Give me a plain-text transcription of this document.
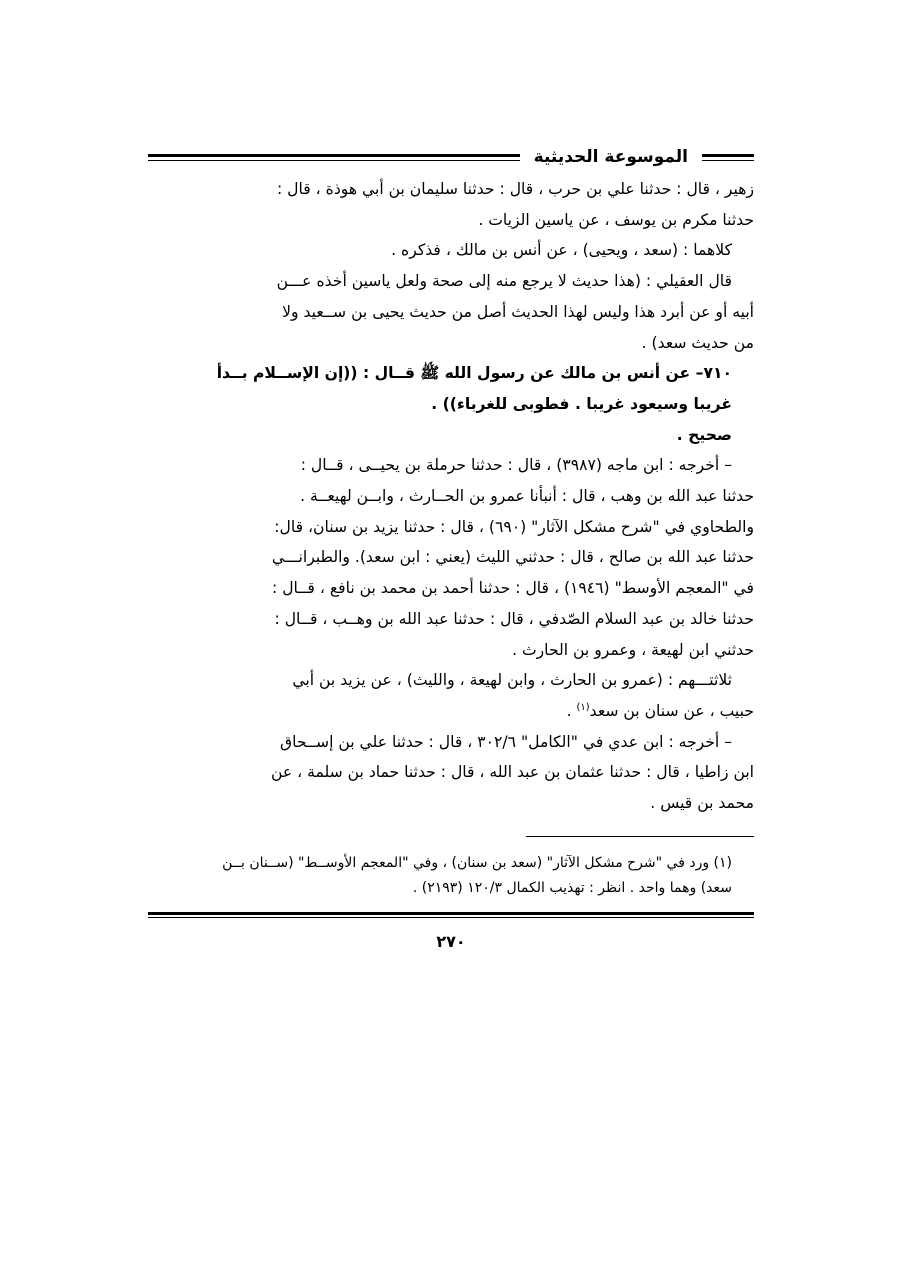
الموسوعة الحديثية

زهير ، قال : حدثنا علي بن حرب ، قال : حدثنا سليمان بن أبي هوذة ، قال :

حدثنا مكرم بن يوسف ، عن ياسين الزيات .

كلاهما : (سعد ، ويحيى) ، عن أنس بن مالك ، فذكره .

قال العقيلي : (هذا حديث لا يرجع منه إلى صحة ولعل ياسين أخذه عـــن

أبيه أو عن أبرد هذا وليس لهذا الحديث أصل من حديث يحيى بن ســعيد ولا

من حديث سعد) .

٧١٠– عن أنس بن مالك عن رسول الله ﷺ قــال : ((إن الإســلام بــدأ

غريبا وسيعود غريبا . فطوبى للغرباء)) .

صحيح .

– أخرجه : ابن ماجه (٣٩٨٧) ، قال : حدثنا حرملة بن يحيــى ، قــال :

حدثنا عبد الله بن وهب ، قال : أنبأنا عمرو بن الحــارث ، وابــن لهيعــة .

والطحاوي في "شرح مشكل الآثار" (٦٩٠) ، قال : حدثنا يزيد بن سنان، قال:

حدثنا عبد الله بن صالح ، قال : حدثني الليث (يعني : ابن سعد). والطبرانـــي

في "المعجم الأوسط" (١٩٤٦) ، قال : حدثنا أحمد بن محمد بن نافع ، قــال :

حدثنا خالد بن عبد السلام الصّدفي ، قال : حدثنا عبد الله بن وهــب ، قــال :

حدثني ابن لهيعة ، وعمرو بن الحارث .

ثلاثتـــهم : (عمرو بن الحارث ، وابن لهيعة ، والليث) ، عن يزيد بن أبي

حبيب ، عن سنان بن سعد$^{(١)}$ .

– أخرجه : ابن عدي في "الكامل" ٣٠٢/٦ ، قال : حدثنا علي بن إســحاق

ابن زاطيا ، قال : حدثنا عثمان بن عبد الله ، قال : حدثنا حماد بن سلمة ، عن

محمد بن قيس .

(١) ورد في "شرح مشكل الآثار" (سعد بن سنان) ، وفي "المعجم الأوســط" (ســنان بــن

سعد) وهما واحد . انظر : تهذيب الكمال ١٢٠/٣ (٢١٩٣) .

٢٧٠
